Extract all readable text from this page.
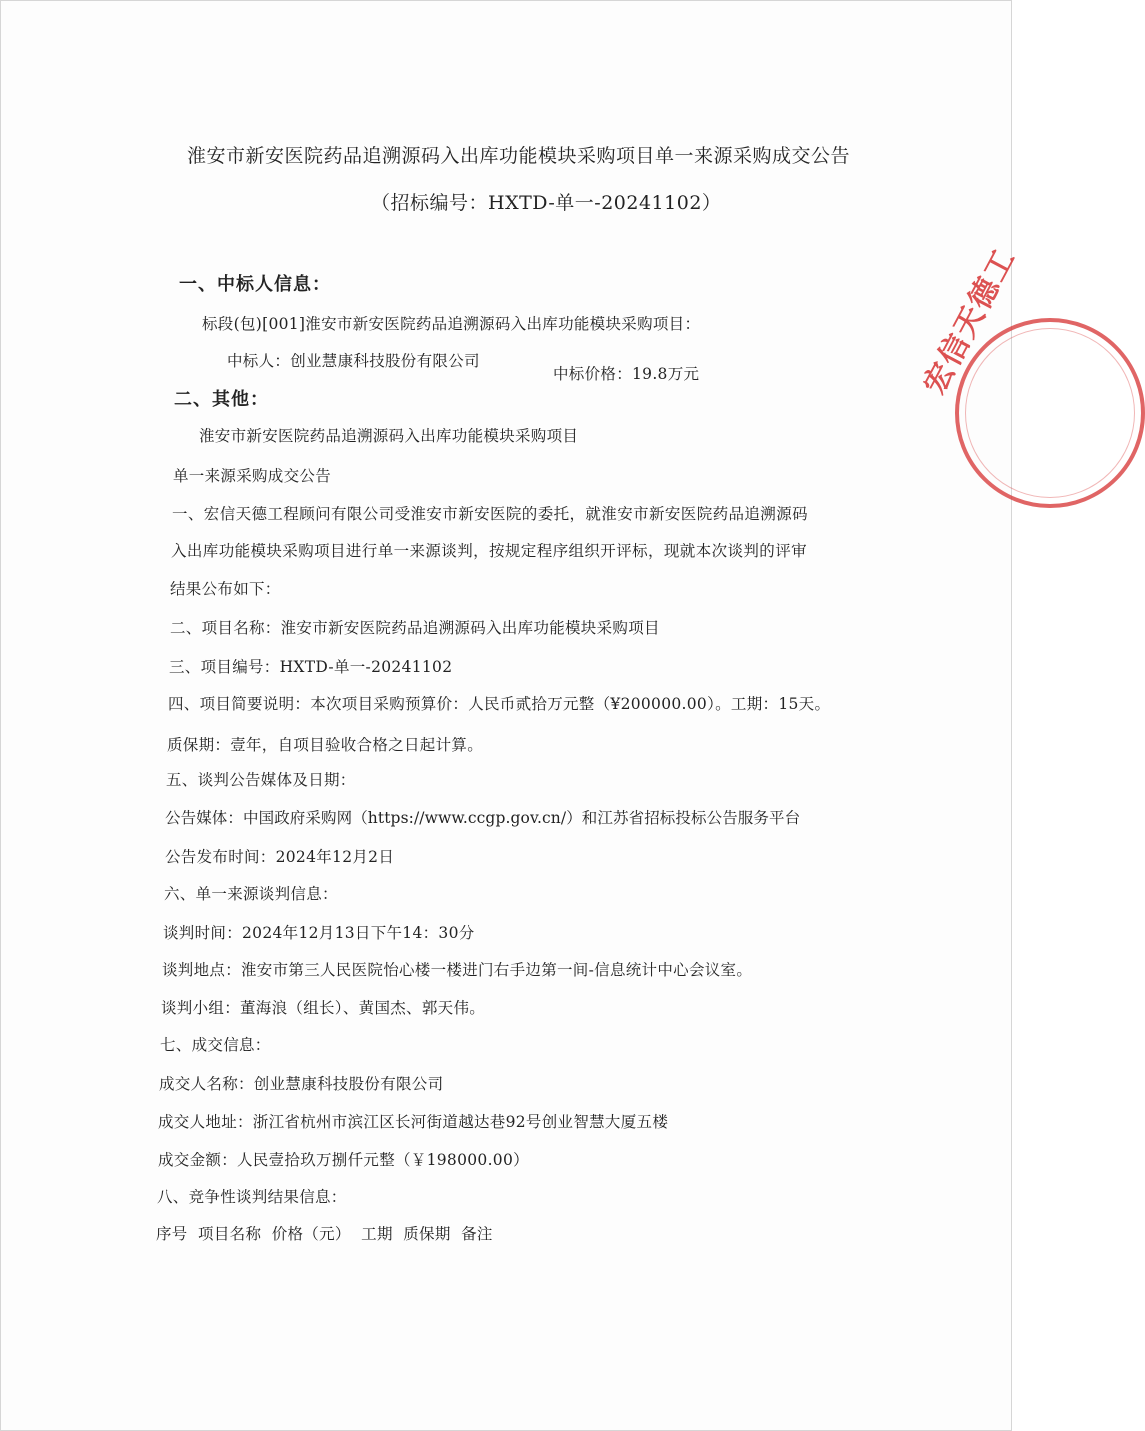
淮安市新安医院药品追溯源码入出库功能模块采购项目单一来源采购成交公告
（招标编号：HXTD-单一-20241102）
一、中标人信息：
标段(包)[001]淮安市新安医院药品追溯源码入出库功能模块采购项目：
中标人：创业慧康科技股份有限公司
中标价格：19.8万元
二、其他：
淮安市新安医院药品追溯源码入出库功能模块采购项目
单一来源采购成交公告
一、宏信天德工程顾问有限公司受淮安市新安医院的委托，就淮安市新安医院药品追溯源码
入出库功能模块采购项目进行单一来源谈判，按规定程序组织开评标，现就本次谈判的评审
结果公布如下：
二、项目名称：淮安市新安医院药品追溯源码入出库功能模块采购项目
三、项目编号：HXTD-单一-20241102
四、项目简要说明：本次项目采购预算价：人民币贰拾万元整（¥200000.00）。工期：15天。
质保期：壹年，自项目验收合格之日起计算。
五、谈判公告媒体及日期：
公告媒体：中国政府采购网（https://www.ccgp.gov.cn/）和江苏省招标投标公告服务平台
公告发布时间：2024年12月2日
六、单一来源谈判信息：
谈判时间：2024年12月13日下午14：30分
谈判地点：淮安市第三人民医院怡心楼一楼进门右手边第一间-信息统计中心会议室。
谈判小组：董海浪（组长）、黄国杰、郭天伟。
七、成交信息：
成交人名称：创业慧康科技股份有限公司
成交人地址：浙江省杭州市滨江区长河街道越达巷92号创业智慧大厦五楼
成交金额：人民壹拾玖万捌仟元整（￥198000.00）
八、竞争性谈判结果信息：
序号  项目名称  价格（元）  工期  质保期  备注
宏信天德工
